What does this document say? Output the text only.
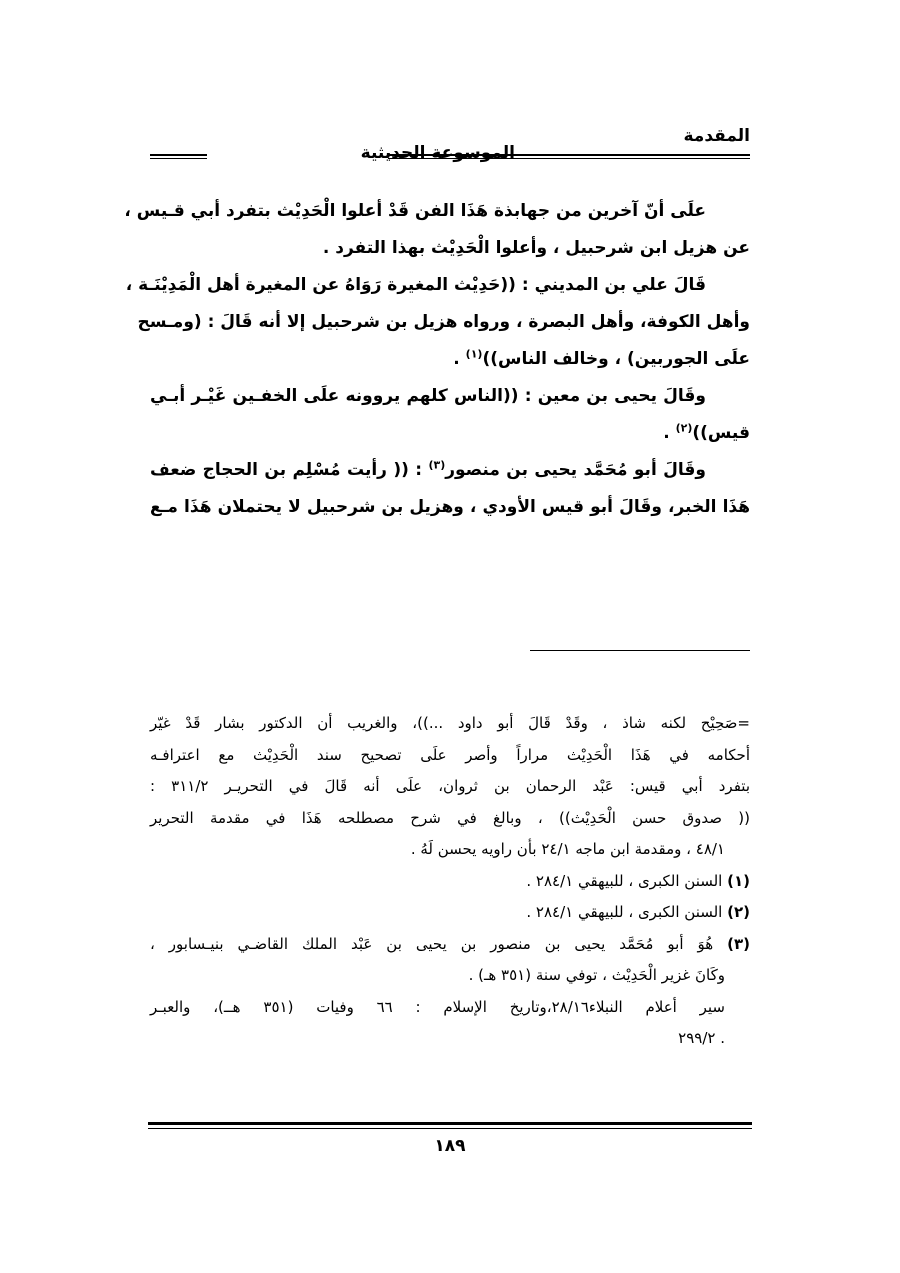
المقدمة
الموسوعة الحديثية
علَى أنّ آخرين من جهابذة هَذَا الفن قَدْ أعلوا الْحَدِيْث بتفرد أبي قـيس ،
عن هزيل ابن شرحبيل ، وأعلوا الْحَدِيْث بهذا التفرد .
قَالَ علي بن المديني : ((حَدِيْث المغيرة رَوَاهُ عن المغيرة أهل الْمَدِيْنَـة ،
وأهل الكوفة، وأهل البصرة ، ورواه هزيل بن شرحبيل إلا أنه قَالَ : (ومـسح
علَى الجوربين) ، وخالف الناس))$^{(١)}$ .
وقَالَ يحيى بن معين : ((الناس كلهم يروونه علَى الخفـين غَيْـر أبـي
قيس))$^{(٢)}$ .
وقَالَ أبو مُحَمَّد يحيى بن منصور$^{(٣)}$ : (( رأيت مُسْلِم بن الحجاج ضعف
هَذَا الخبر، وقَالَ أبو قيس الأودي ، وهزيل بن شرحبيل لا يحتملان هَذَا مـع
=صَحِيْح لكنه شاذ ، وقَدْ قَالَ أبو داود ...))، والغريب أن الدكتور بشار قَدْ غيّر
أحكامه في هَذَا الْحَدِيْث مراراً وأصر علَى تصحيح سند الْحَدِيْث مع اعترافـه
بتفرد أبي قيس: عَبْد الرحمان بن ثروان، علَى أنه قَالَ في التحريـر ٣١١/٢ :
(( صدوق حسن الْحَدِيْث)) ، وبالغ في شرح مصطلحه هَذَا في مقدمة التحرير
٤٨/١ ، ومقدمة ابن ماجه ٢٤/١ بأن راويه يحسن لَهُ .
(١) السنن الكبرى ، للبيهقي ٢٨٤/١ .
(٢) السنن الكبرى ، للبيهقي ٢٨٤/١ .
(٣) هُوَ أبو مُحَمَّد يحيى بن منصور بن يحيى بن عَبْد الملك القاضـي بنيـسابور ،
وكَانَ غزير الْحَدِيْث ، توفي سنة (٣٥١ هـ) .
سير أعلام النبلاء٢٨/١٦،وتاريخ الإسلام : ٦٦ وفيات (٣٥١ هــ)، والعبـر
. ٢٩٩/٢
١٨٩
